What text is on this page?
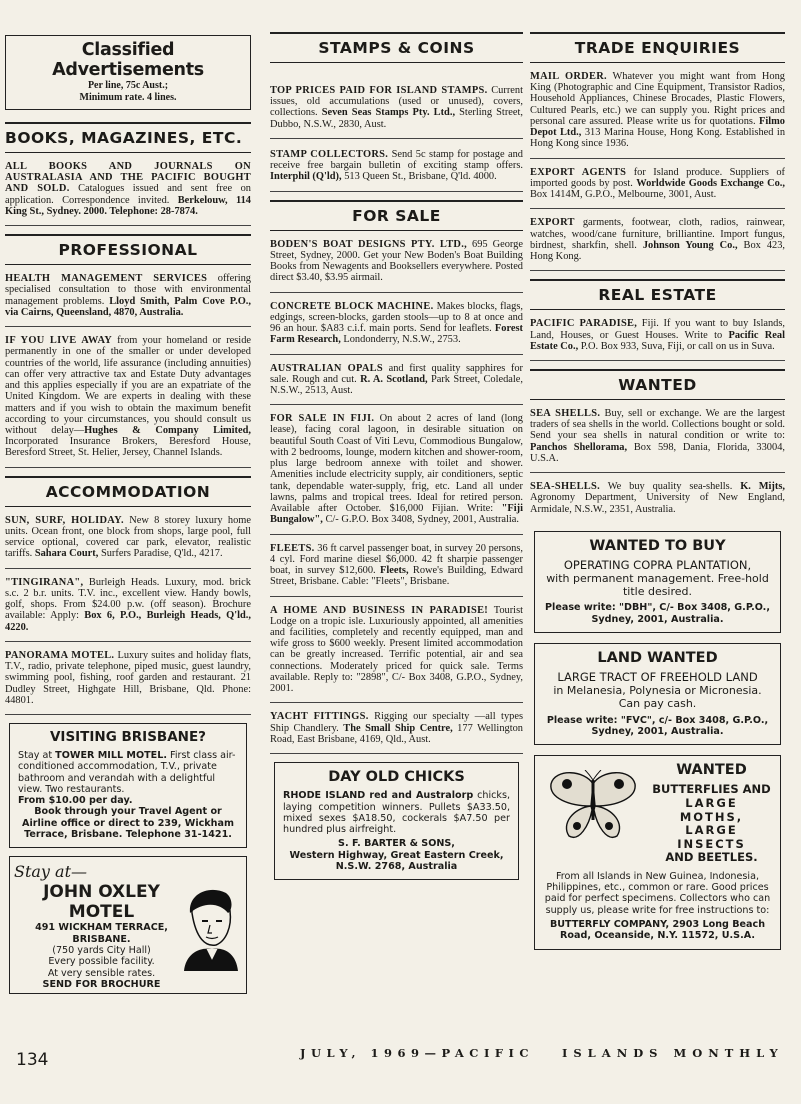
Classified Advertisements
Per line, 75c Aust.;
Minimum rate. 4 lines.
BOOKS, MAGAZINES, ETC.
ALL BOOKS AND JOURNALS ON AUSTRALASIA AND THE PACIFIC BOUGHT AND SOLD. Catalogues issued and sent free on application. Correspondence invited. Berkelouw, 114 King St., Sydney. 2000. Telephone: 28-7874.
PROFESSIONAL
HEALTH MANAGEMENT SERVICES offering specialised consultation to those with environmental management problems. Lloyd Smith, Palm Cove P.O., via Cairns, Queensland, 4870, Australia.
IF YOU LIVE AWAY from your homeland or reside permanently in one of the smaller or under developed countries of the world, life assurance (including annuities) can offer very attractive tax and Estate Duty advantages and this applies especially if you are an expatriate of the United Kingdom. We are experts in dealing with these matters and if you wish to obtain the maximum benefit according to your circumstances, you should consult us without delay—Hughes & Company Limited, Incorporated Insurance Brokers, Beresford House, Beresford Street, St. Helier, Jersey, Channel Islands.
ACCOMMODATION
SUN, SURF, HOLIDAY. New 8 storey luxury home units. Ocean front, one block from shops, large pool, full service optional, covered car park, elevator, realistic tariffs. Sahara Court, Surfers Paradise, Q'ld., 4217.
"TINGIRANA", Burleigh Heads. Luxury, mod. brick s.c. 2 b.r. units. T.V. inc., excellent view. Handy bowls, golf, shops. From $24.00 p.w. (off season). Brochure available: Apply: Box 6, P.O., Burleigh Heads, Q'ld., 4220.
PANORAMA MOTEL. Luxury suites and holiday flats, T.V., radio, private telephone, piped music, guest laundry, swimming pool, fishing, roof garden and restaurant. 21 Dudley Street, Highgate Hill, Brisbane, Qld. Phone: 44801.
VISITING BRISBANE?
Stay at TOWER MILL MOTEL. First class air-conditioned accommodation, T.V., private bathroom and verandah with a delightful view. Two restaurants.
From $10.00 per day.
Book through your Travel Agent or Airline office or direct to 239, Wickham Terrace, Brisbane. Telephone 31-1421.
Stay at—
JOHN OXLEY
MOTEL
491 WICKHAM TERRACE,
BRISBANE.
(750 yards City Hall)
Every possible facility.
At very sensible rates.
SEND FOR BROCHURE
STAMPS & COINS
TOP PRICES PAID FOR ISLAND STAMPS. Current issues, old accumulations (used or unused), covers, collections. Seven Seas Stamps Pty. Ltd., Sterling Street, Dubbo, N.S.W., 2830, Aust.
STAMP COLLECTORS. Send 5c stamp for postage and receive free bargain bulletin of exciting stamp offers. Interphil (Q'ld), 513 Queen St., Brisbane, Q'ld. 4000.
FOR SALE
BODEN'S BOAT DESIGNS PTY. LTD., 695 George Street, Sydney, 2000. Get your New Boden's Boat Building Books from Newagents and Booksellers everywhere. Posted direct $3.40, $3.95 airmail.
CONCRETE BLOCK MACHINE. Makes blocks, flags, edgings, screen-blocks, garden stools—up to 8 at once and 96 an hour. $A83 c.i.f. main ports. Send for leaflets. Forest Farm Research, Londonderry, N.S.W., 2753.
AUSTRALIAN OPALS and first quality sapphires for sale. Rough and cut. R. A. Scotland, Park Street, Coledale, N.S.W., 2513, Aust.
FOR SALE IN FIJI. On about 2 acres of land (long lease), facing coral lagoon, in desirable situation on beautiful South Coast of Viti Levu, Commodious Bungalow, with 2 bedrooms, lounge, modern kitchen and shower-room, plus large bedroom annexe with toilet and shower. Amenities include electricity supply, air conditioners, septic tank, dependable water-supply, frig, etc. Land all under lawns, palms and tropical trees. Ideal for retired person. Available after October. $16,000 Fijian. Write: "Fiji Bungalow", C/- G.P.O. Box 3408, Sydney, 2001, Australia.
FLEETS. 36 ft carvel passenger boat, in survey 20 persons, 4 cyl. Ford marine diesel $6,000. 42 ft sharpie passenger boat, in survey $12,600. Fleets, Rowe's Building, Edward Street, Brisbane. Cable: "Fleets", Brisbane.
A HOME AND BUSINESS IN PARADISE! Tourist Lodge on a tropic isle. Luxuriously appointed, all amenities and facilities, completely and recently equipped, man and wife gross to $600 weekly. Present limited accommodation can be greatly increased. Terrific potential, air and sea connections. Moderately priced for quick sale. Terms available. Reply to: "2898", C/- Box 3408, G.P.O., Sydney, 2001.
YACHT FITTINGS. Rigging our specialty —all types Ship Chandlery. The Small Ship Centre, 177 Wellington Road, East Brisbane, 4169, Qld., Aust.
DAY OLD CHICKS
RHODE ISLAND red and Australorp chicks, laying competition winners. Pullets $A33.50, mixed sexes $A18.50, cockerals $A7.50 per hundred plus airfreight.
S. F. BARTER & SONS,
Western Highway, Great Eastern Creek, N.S.W. 2768, Australia
TRADE ENQUIRIES
MAIL ORDER. Whatever you might want from Hong King (Photographic and Cine Equipment, Transistor Radios, Household Appliances, Chinese Brocades, Plastic Flowers, Cultured Pearls, etc.) we can supply you. Right prices and personal care assured. Please write us for quotations. Filmo Depot Ltd., 313 Marina House, Hong Kong. Established in Hong Kong since 1936.
EXPORT AGENTS for Island produce. Suppliers of imported goods by post. Worldwide Goods Exchange Co., Box 1414M, G.P.O., Melbourne, 3001, Aust.
EXPORT garments, footwear, cloth, radios, rainwear, watches, wood/cane furniture, brilliantine. Import fungus, birdnest, sharkfin, shell. Johnson Young Co., Box 423, Hong Kong.
REAL ESTATE
PACIFIC PARADISE, Fiji. If you want to buy Islands, Land, Houses, or Guest Houses. Write to Pacific Real Estate Co., P.O. Box 933, Suva, Fiji, or call on us in Suva.
WANTED
SEA SHELLS. Buy, sell or exchange. We are the largest traders of sea shells in the world. Collections bought or sold. Send your sea shells in natural condition or write to: Panchos Shellorama, Box 598, Dania, Florida, 33004, U.S.A.
SEA-SHELLS. We buy quality sea-shells. K. Mijts, Agronomy Department, University of New England, Armidale, N.S.W., 2351, Australia.
WANTED TO BUY
OPERATING COPRA PLANTATION,
with permanent management. Free-hold title desired.
Please write: "DBH", C/- Box 3408, G.P.O., Sydney, 2001, Australia.
LAND WANTED
LARGE TRACT OF FREEHOLD LAND
in Melanesia, Polynesia or Micronesia. Can pay cash.
Please write: "FVC", c/- Box 3408, G.P.O., Sydney, 2001, Australia.
WANTED
BUTTERFLIES AND
LARGE MOTHS,
LARGE INSECTS
AND BEETLES.
From all Islands in New Guinea, Indonesia, Philippines, etc., common or rare. Good prices paid for perfect specimens. Collectors who can supply us, please write for free instructions to:
BUTTERFLY COMPANY, 2903 Long Beach Road, Oceanside, N.Y. 11572, U.S.A.
134	JULY, 1969—PACIFIC ISLANDS MONTHLY
